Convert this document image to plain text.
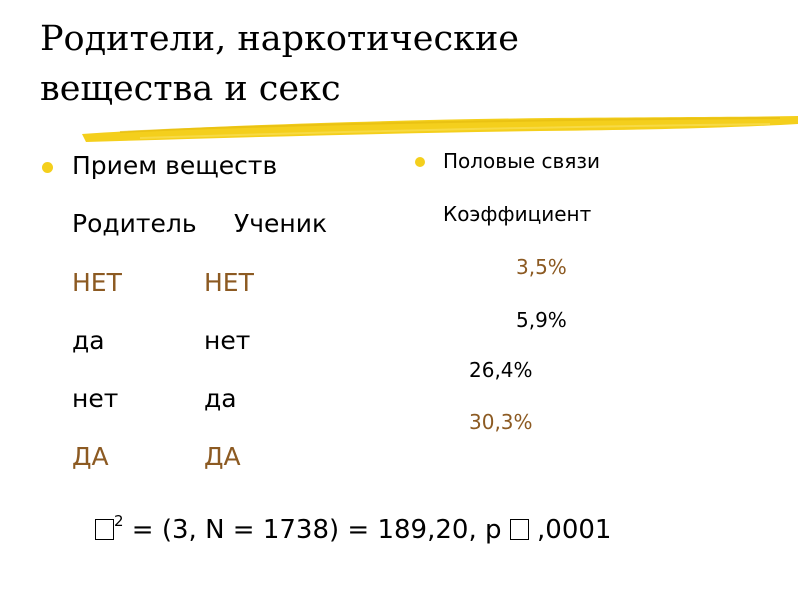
Родители, наркотические
вещества и секс
Прием веществ
Родитель Ученик
НЕТ	НЕТ
да	нет
нет	да
ДА	ДА
Половые связи
Коэффициент
3,5%
5,9%
26,4%
30,3%
$^2$ = (3, N = 1738) = 189,20, p  ,0001
